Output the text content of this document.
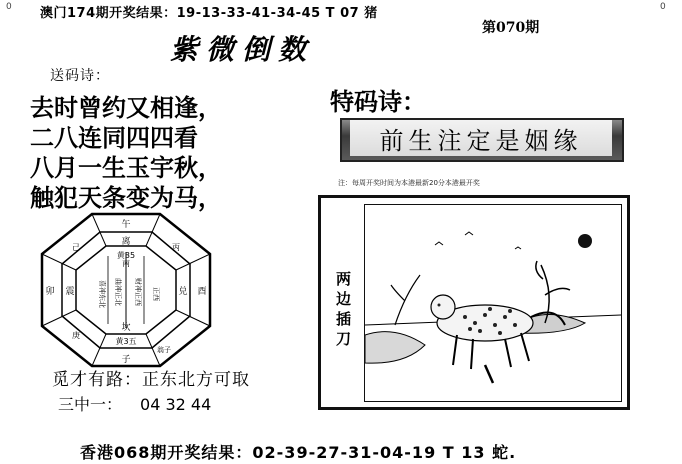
0	0
澳门174期开奖结果：19-13-33-41-34-45 T 07 猪
第070期
紫微倒数
送码诗：
去时曾约又相逢，
二八连同四四看
八月一生玉宇秋，
触犯天条变为马，
南
曲神正北 财神正西
喜神东北	正西
午
子
卯	酉
坎
离
震	兑
黄35
黄3五
翁子
己	丙
庚
特码诗：
前生注定是姻缘
注：每周开奖时间为本港最新20分本港最开奖
两
边
插
刀
觅才有路：正东北方可取
三中一： 04 32 44
香港068期开奖结果：02-39-27-31-04-19 T 13 蛇.
